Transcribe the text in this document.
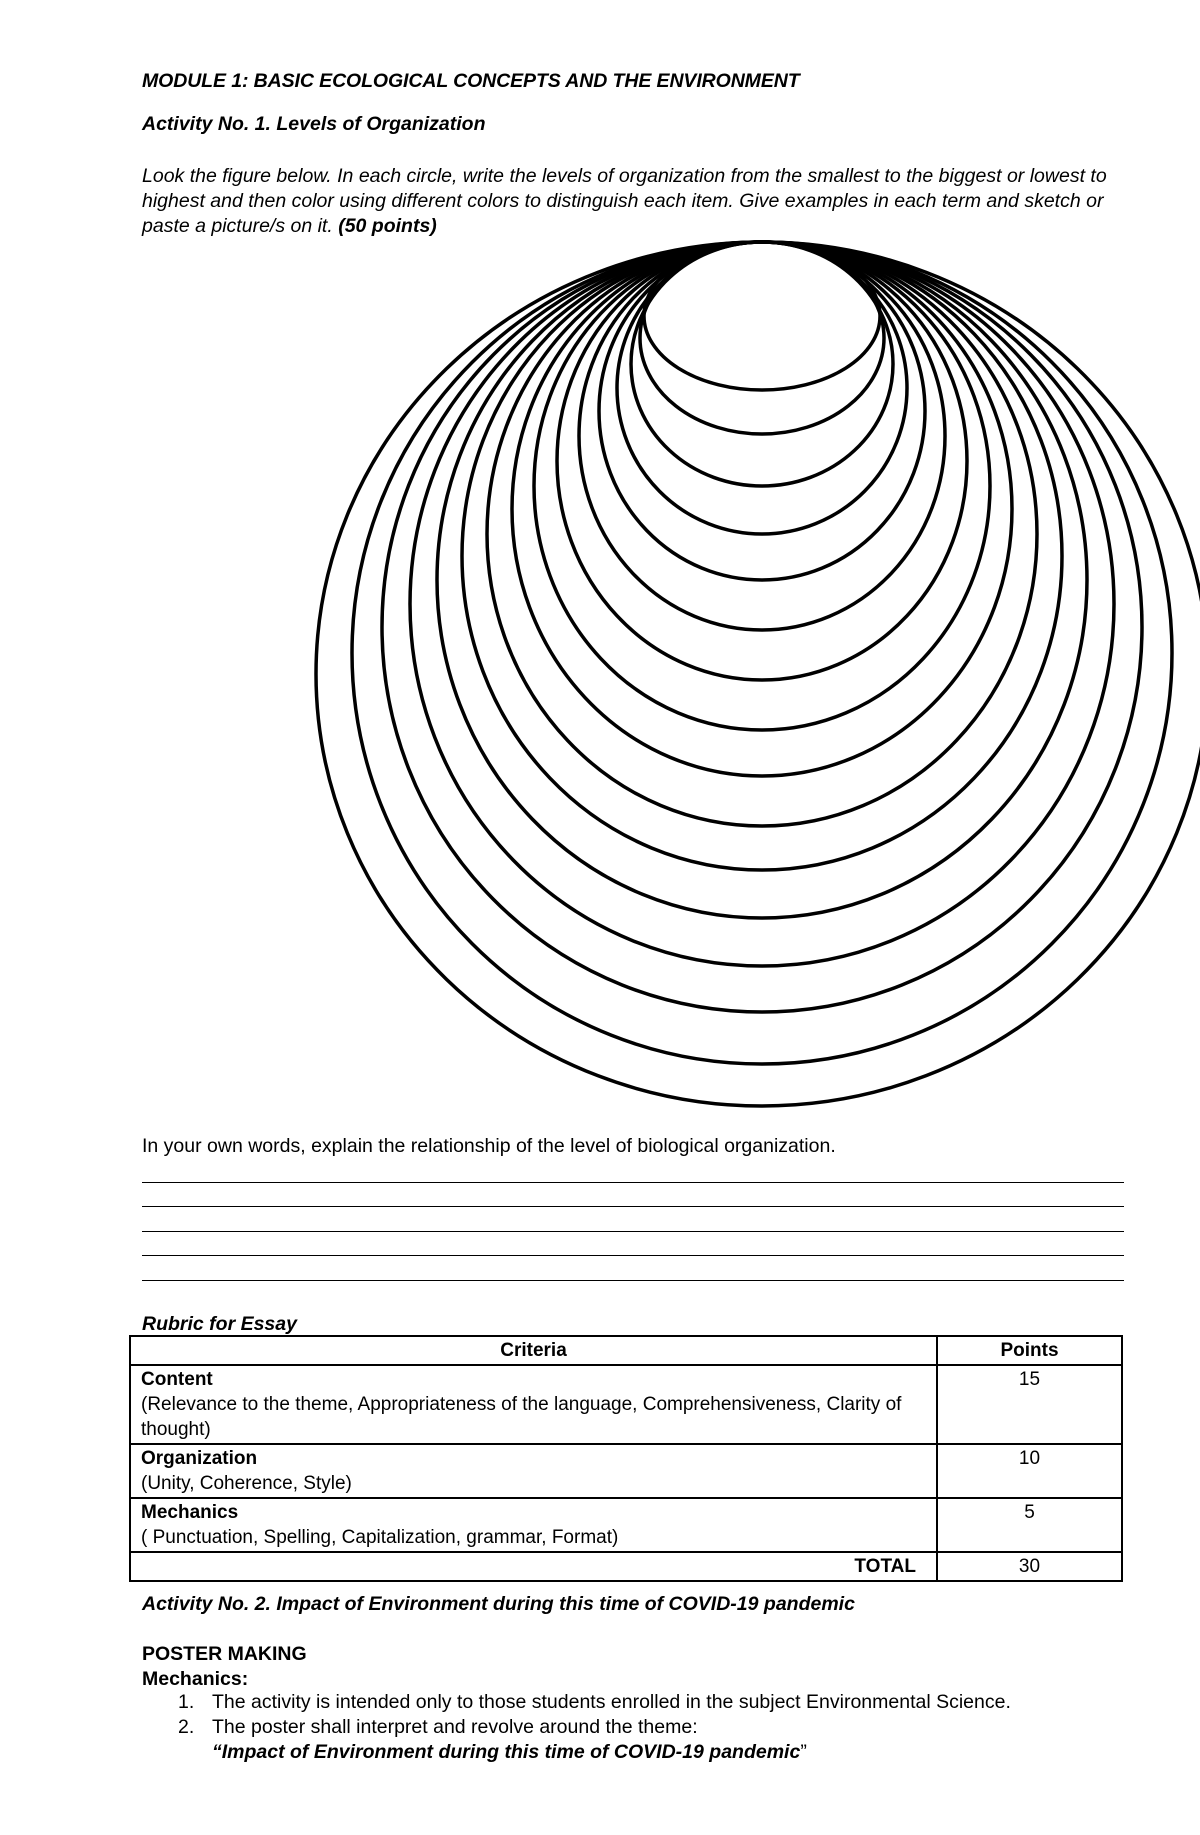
MODULE 1: BASIC ECOLOGICAL CONCEPTS AND THE ENVIRONMENT
Activity No. 1. Levels of Organization
Look the figure below. In each circle, write the levels of organization from the smallest to the biggest or lowest to highest and then color using different colors to distinguish each item. Give examples in each term and sketch or paste a picture/s on it. (50 points)
In your own words, explain the relationship of the level of biological organization.
Rubric for Essay
Criteria	Points
Content
(Relevance to the theme, Appropriateness of the language, Comprehensiveness, Clarity of thought)	15
Organization
(Unity, Coherence, Style)	10
Mechanics
( Punctuation, Spelling, Capitalization, grammar, Format)	5
TOTAL	30
Activity No. 2. Impact of Environment during this time of COVID-19 pandemic
POSTER MAKING
Mechanics:
1. The activity is intended only to those students enrolled in the subject Environmental Science.
2. The poster shall interpret and revolve around the theme:
“Impact of Environment during this time of COVID-19 pandemic”
